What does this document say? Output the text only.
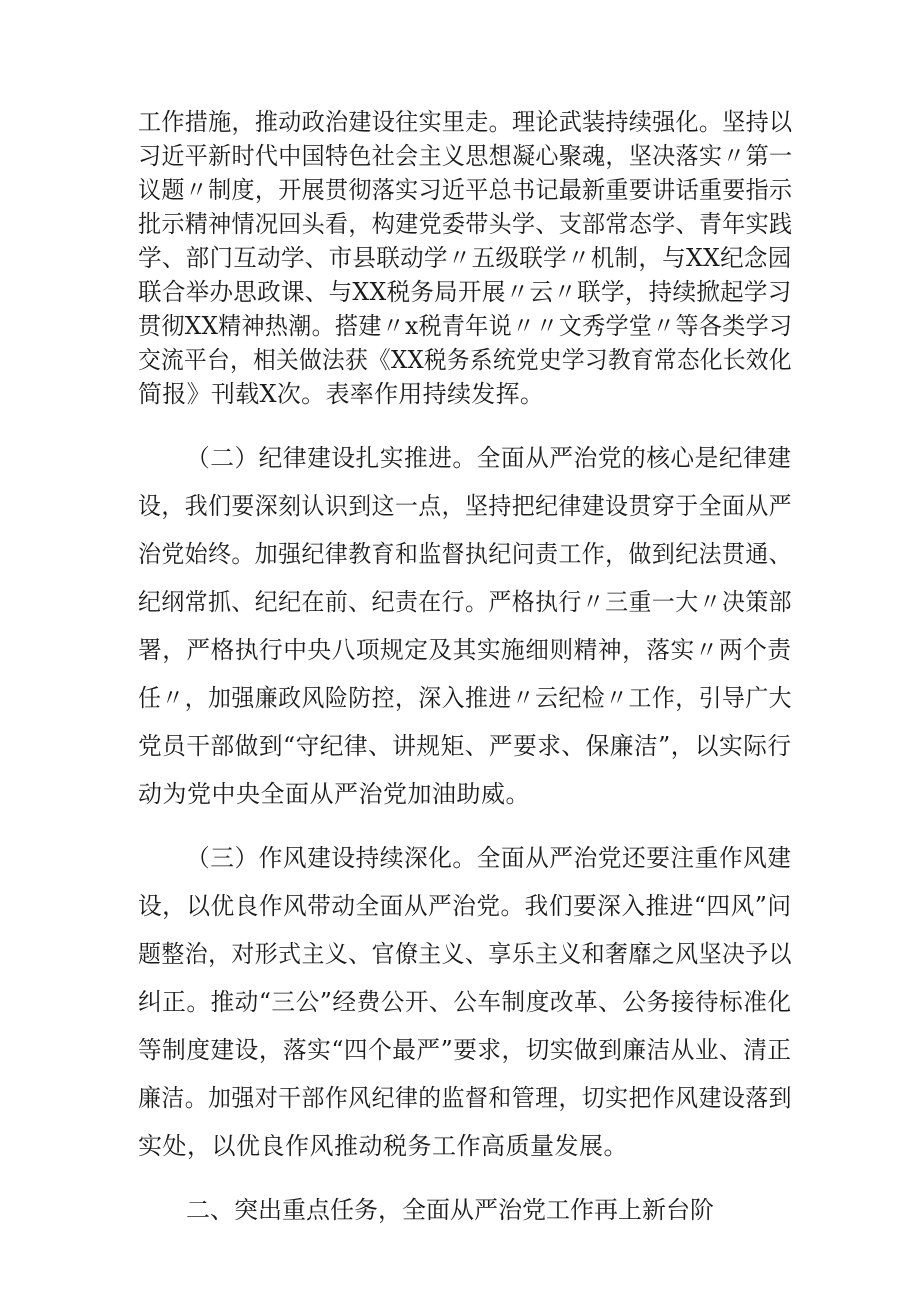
工作措施，推动政治建设往实里走。理论武装持续强化。坚持以

习近平新时代中国特色社会主义思想凝心聚魂，坚决落实〃第一

议题〃制度，开展贯彻落实习近平总书记最新重要讲话重要指示

批示精神情况回头看，构建党委带头学、支部常态学、青年实践

学、部门互动学、市县联动学〃五级联学〃机制，与XX纪念园

联合举办思政课、与XX税务局开展〃云〃联学，持续掀起学习

贯彻XX精神热潮。搭建〃x税青年说〃〃文秀学堂〃等各类学习

交流平台，相关做法获《XX税务系统党史学习教育常态化长效化

简报》刊载X次。表率作用持续发挥。

（二）纪律建设扎实推进。全面从严治党的核心是纪律建

设，我们要深刻认识到这一点，坚持把纪律建设贯穿于全面从严

治党始终。加强纪律教育和监督执纪问责工作，做到纪法贯通、

纪纲常抓、纪纪在前、纪责在行。严格执行〃三重一大〃决策部

署，严格执行中央八项规定及其实施细则精神，落实〃两个责

任〃，加强廉政风险防控，深入推进〃云纪检〃工作，引导广大

党员干部做到“守纪律、讲规矩、严要求、保廉洁”，以实际行

动为党中央全面从严治党加油助威。

（三）作风建设持续深化。全面从严治党还要注重作风建

设，以优良作风带动全面从严治党。我们要深入推进“四风”问

题整治，对形式主义、官僚主义、享乐主义和奢靡之风坚决予以

纠正。推动“三公”经费公开、公车制度改革、公务接待标准化

等制度建设，落实“四个最严”要求，切实做到廉洁从业、清正

廉洁。加强对干部作风纪律的监督和管理，切实把作风建设落到

实处，以优良作风推动税务工作高质量发展。

二、突出重点任务，全面从严治党工作再上新台阶
